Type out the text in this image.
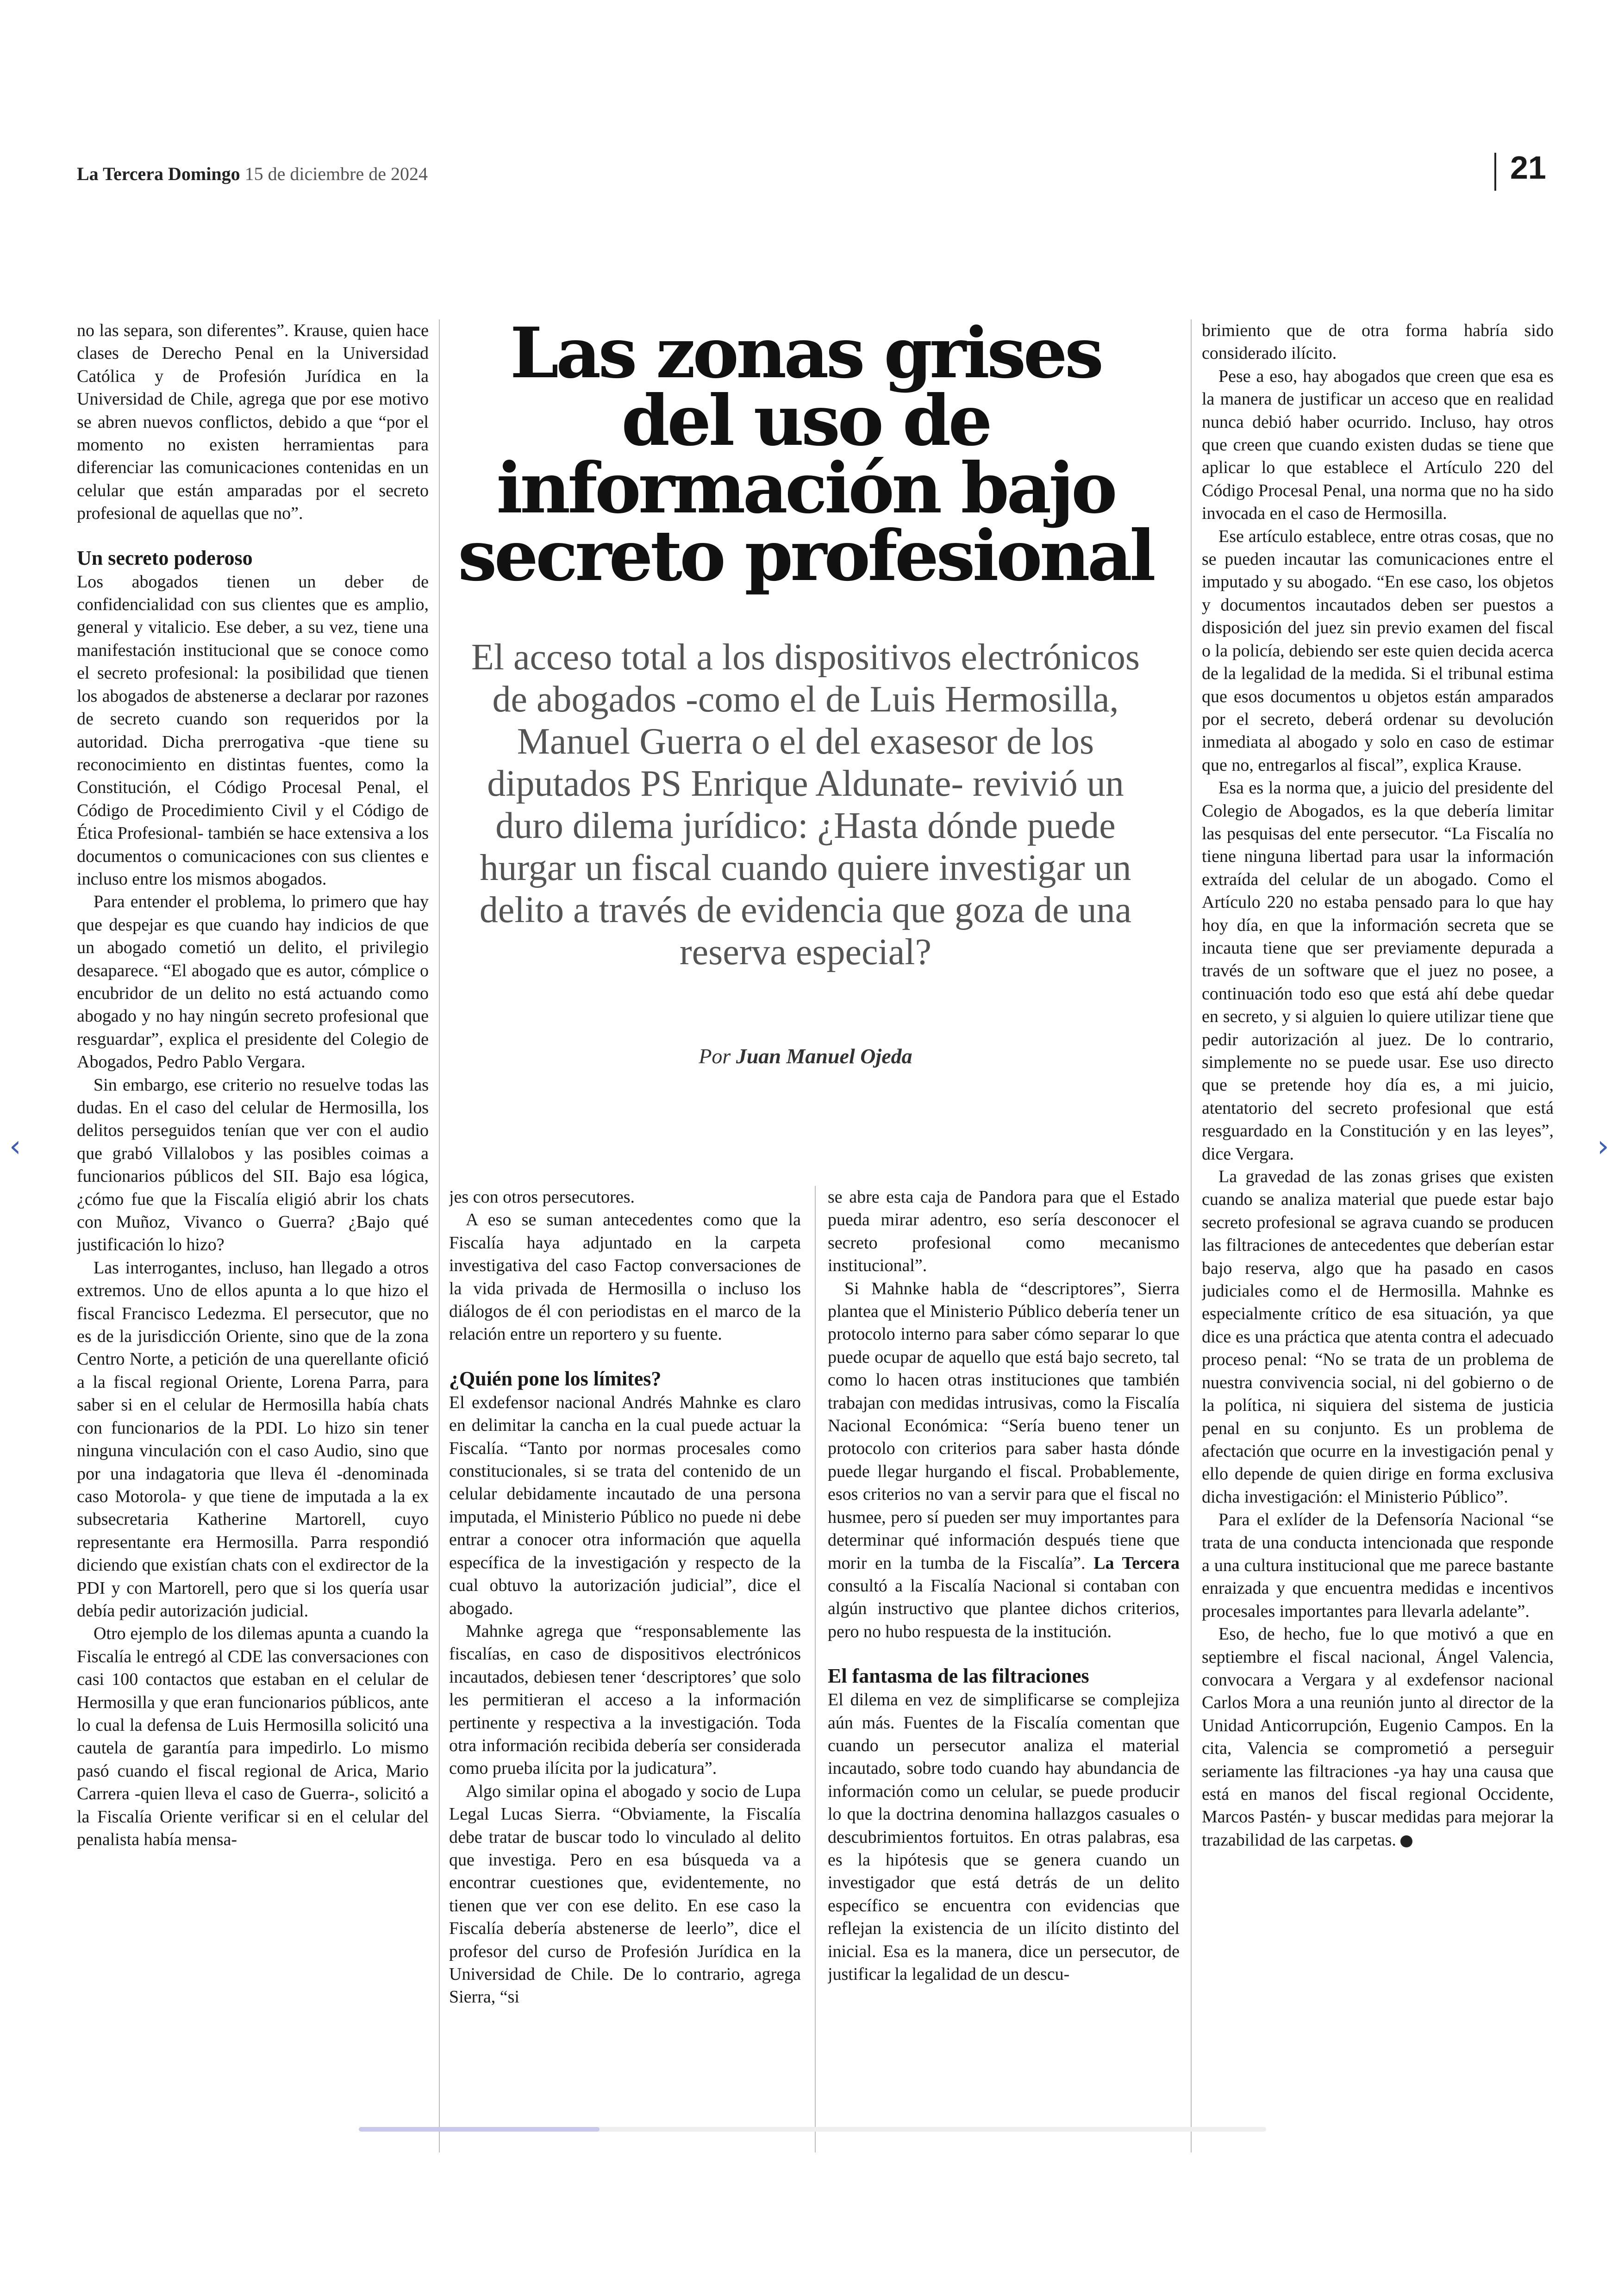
La Tercera Domingo 15 de diciembre de 2024	21
Las zonas grises del uso de información bajo secreto profesional
El acceso total a los dispositivos electrónicos de abogados -como el de Luis Hermosilla, Manuel Guerra o el del exasesor de los diputados PS Enrique Aldunate- revivió un duro dilema jurídico: ¿Hasta dónde puede hurgar un fiscal cuando quiere investigar un delito a través de evidencia que goza de una reserva especial?
Por Juan Manuel Ojeda

no las separa, son diferentes”. Krause, quien hace clases de Derecho Penal en la Universidad Católica y de Profesión Jurídica en la Universidad de Chile, agrega que por ese motivo se abren nuevos conflictos, debido a que “por el momento no existen herramientas para diferenciar las comunicaciones contenidas en un celular que están amparadas por el secreto profesional de aquellas que no”.

Un secreto poderoso

Los abogados tienen un deber de confidencialidad con sus clientes que es amplio, general y vitalicio. Ese deber, a su vez, tiene una manifestación institucional que se conoce como el secreto profesional: la posibilidad que tienen los abogados de abstenerse a declarar por razones de secreto cuando son requeridos por la autoridad. Dicha prerrogativa -que tiene su reconocimiento en distintas fuentes, como la Constitución, el Código Procesal Penal, el Código de Procedimiento Civil y el Código de Ética Profesional- también se hace extensiva a los documentos o comunicaciones con sus clientes e incluso entre los mismos abogados.

Para entender el problema, lo primero que hay que despejar es que cuando hay indicios de que un abogado cometió un delito, el privilegio desaparece. “El abogado que es autor, cómplice o encubridor de un delito no está actuando como abogado y no hay ningún secreto profesional que resguardar”, explica el presidente del Colegio de Abogados, Pedro Pablo Vergara.

Sin embargo, ese criterio no resuelve todas las dudas. En el caso del celular de Hermosilla, los delitos perseguidos tenían que ver con el audio que grabó Villalobos y las posibles coimas a funcionarios públicos del SII. Bajo esa lógica, ¿cómo fue que la Fiscalía eligió abrir los chats con Muñoz, Vivanco o Guerra? ¿Bajo qué justificación lo hizo?

Las interrogantes, incluso, han llegado a otros extremos. Uno de ellos apunta a lo que hizo el fiscal Francisco Ledezma. El persecutor, que no es de la jurisdicción Oriente, sino que de la zona Centro Norte, a petición de una querellante ofició a la fiscal regional Oriente, Lorena Parra, para saber si en el celular de Hermosilla había chats con funcionarios de la PDI. Lo hizo sin tener ninguna vinculación con el caso Audio, sino que por una indagatoria que lleva él -denominada caso Motorola- y que tiene de imputada a la ex subsecretaria Katherine Martorell, cuyo representante era Hermosilla. Parra respondió diciendo que existían chats con el exdirector de la PDI y con Martorell, pero que si los quería usar debía pedir autorización judicial.

Otro ejemplo de los dilemas apunta a cuando la Fiscalía le entregó al CDE las conversaciones con casi 100 contactos que estaban en el celular de Hermosilla y que eran funcionarios públicos, ante lo cual la defensa de Luis Hermosilla solicitó una cautela de garantía para impedirlo. Lo mismo pasó cuando el fiscal regional de Arica, Mario Carrera -quien lleva el caso de Guerra-, solicitó a la Fiscalía Oriente verificar si en el celular del penalista había mensa-

jes con otros persecutores.

A eso se suman antecedentes como que la Fiscalía haya adjuntado en la carpeta investigativa del caso Factop conversaciones de la vida privada de Hermosilla o incluso los diálogos de él con periodistas en el marco de la relación entre un reportero y su fuente.

¿Quién pone los límites?

El exdefensor nacional Andrés Mahnke es claro en delimitar la cancha en la cual puede actuar la Fiscalía. “Tanto por normas procesales como constitucionales, si se trata del contenido de un celular debidamente incautado de una persona imputada, el Ministerio Público no puede ni debe entrar a conocer otra información que aquella específica de la investigación y respecto de la cual obtuvo la autorización judicial”, dice el abogado.

Mahnke agrega que “responsablemente las fiscalías, en caso de dispositivos electrónicos incautados, debiesen tener ‘descriptores’ que solo les permitieran el acceso a la información pertinente y respectiva a la investigación. Toda otra información recibida debería ser considerada como prueba ilícita por la judicatura”.

Algo similar opina el abogado y socio de Lupa Legal Lucas Sierra. “Obviamente, la Fiscalía debe tratar de buscar todo lo vinculado al delito que investiga. Pero en esa búsqueda va a encontrar cuestiones que, evidentemente, no tienen que ver con ese delito. En ese caso la Fiscalía debería abstenerse de leerlo”, dice el profesor del curso de Profesión Jurídica en la Universidad de Chile. De lo contrario, agrega Sierra, “si

se abre esta caja de Pandora para que el Estado pueda mirar adentro, eso sería desconocer el secreto profesional como mecanismo institucional”.

Si Mahnke habla de “descriptores”, Sierra plantea que el Ministerio Público debería tener un protocolo interno para saber cómo separar lo que puede ocupar de aquello que está bajo secreto, tal como lo hacen otras instituciones que también trabajan con medidas intrusivas, como la Fiscalía Nacional Económica: “Sería bueno tener un protocolo con criterios para saber hasta dónde puede llegar hurgando el fiscal. Probablemente, esos criterios no van a servir para que el fiscal no husmee, pero sí pueden ser muy importantes para determinar qué información después tiene que morir en la tumba de la Fiscalía”. La Tercera consultó a la Fiscalía Nacional si contaban con algún instructivo que plantee dichos criterios, pero no hubo respuesta de la institución.

El fantasma de las filtraciones

El dilema en vez de simplificarse se complejiza aún más. Fuentes de la Fiscalía comentan que cuando un persecutor analiza el material incautado, sobre todo cuando hay abundancia de información como un celular, se puede producir lo que la doctrina denomina hallazgos casuales o descubrimientos fortuitos. En otras palabras, esa es la hipótesis que se genera cuando un investigador que está detrás de un delito específico se encuentra con evidencias que reflejan la existencia de un ilícito distinto del inicial. Esa es la manera, dice un persecutor, de justificar la legalidad de un descu-

brimiento que de otra forma habría sido considerado ilícito.

Pese a eso, hay abogados que creen que esa es la manera de justificar un acceso que en realidad nunca debió haber ocurrido. Incluso, hay otros que creen que cuando existen dudas se tiene que aplicar lo que establece el Artículo 220 del Código Procesal Penal, una norma que no ha sido invocada en el caso de Hermosilla.

Ese artículo establece, entre otras cosas, que no se pueden incautar las comunicaciones entre el imputado y su abogado. “En ese caso, los objetos y documentos incautados deben ser puestos a disposición del juez sin previo examen del fiscal o la policía, debiendo ser este quien decida acerca de la legalidad de la medida. Si el tribunal estima que esos documentos u objetos están amparados por el secreto, deberá ordenar su devolución inmediata al abogado y solo en caso de estimar que no, entregarlos al fiscal”, explica Krause.

Esa es la norma que, a juicio del presidente del Colegio de Abogados, es la que debería limitar las pesquisas del ente persecutor. “La Fiscalía no tiene ninguna libertad para usar la información extraída del celular de un abogado. Como el Artículo 220 no estaba pensado para lo que hay hoy día, en que la información secreta que se incauta tiene que ser previamente depurada a través de un software que el juez no posee, a continuación todo eso que está ahí debe quedar en secreto, y si alguien lo quiere utilizar tiene que pedir autorización al juez. De lo contrario, simplemente no se puede usar. Ese uso directo que se pretende hoy día es, a mi juicio, atentatorio del secreto profesional que está resguardado en la Constitución y en las leyes”, dice Vergara.

La gravedad de las zonas grises que existen cuando se analiza material que puede estar bajo secreto profesional se agrava cuando se producen las filtraciones de antecedentes que deberían estar bajo reserva, algo que ha pasado en casos judiciales como el de Hermosilla. Mahnke es especialmente crítico de esa situación, ya que dice es una práctica que atenta contra el adecuado proceso penal: “No se trata de un problema de nuestra convivencia social, ni del gobierno o de la política, ni siquiera del sistema de justicia penal en su conjunto. Es un problema de afectación que ocurre en la investigación penal y ello depende de quien dirige en forma exclusiva dicha investigación: el Ministerio Público”.

Para el exlíder de la Defensoría Nacional “se trata de una conducta intencionada que responde a una cultura institucional que me parece bastante enraizada y que encuentra medidas e incentivos procesales importantes para llevarla adelante”.

Eso, de hecho, fue lo que motivó a que en septiembre el fiscal nacional, Ángel Valencia, convocara a Vergara y al exdefensor nacional Carlos Mora a una reunión junto al director de la Unidad Anticorrupción, Eugenio Campos. En la cita, Valencia se comprometió a perseguir seriamente las filtraciones -ya hay una causa que está en manos del fiscal regional Occidente, Marcos Pastén- y buscar medidas para mejorar la trazabilidad de las carpetas.

‹	›
